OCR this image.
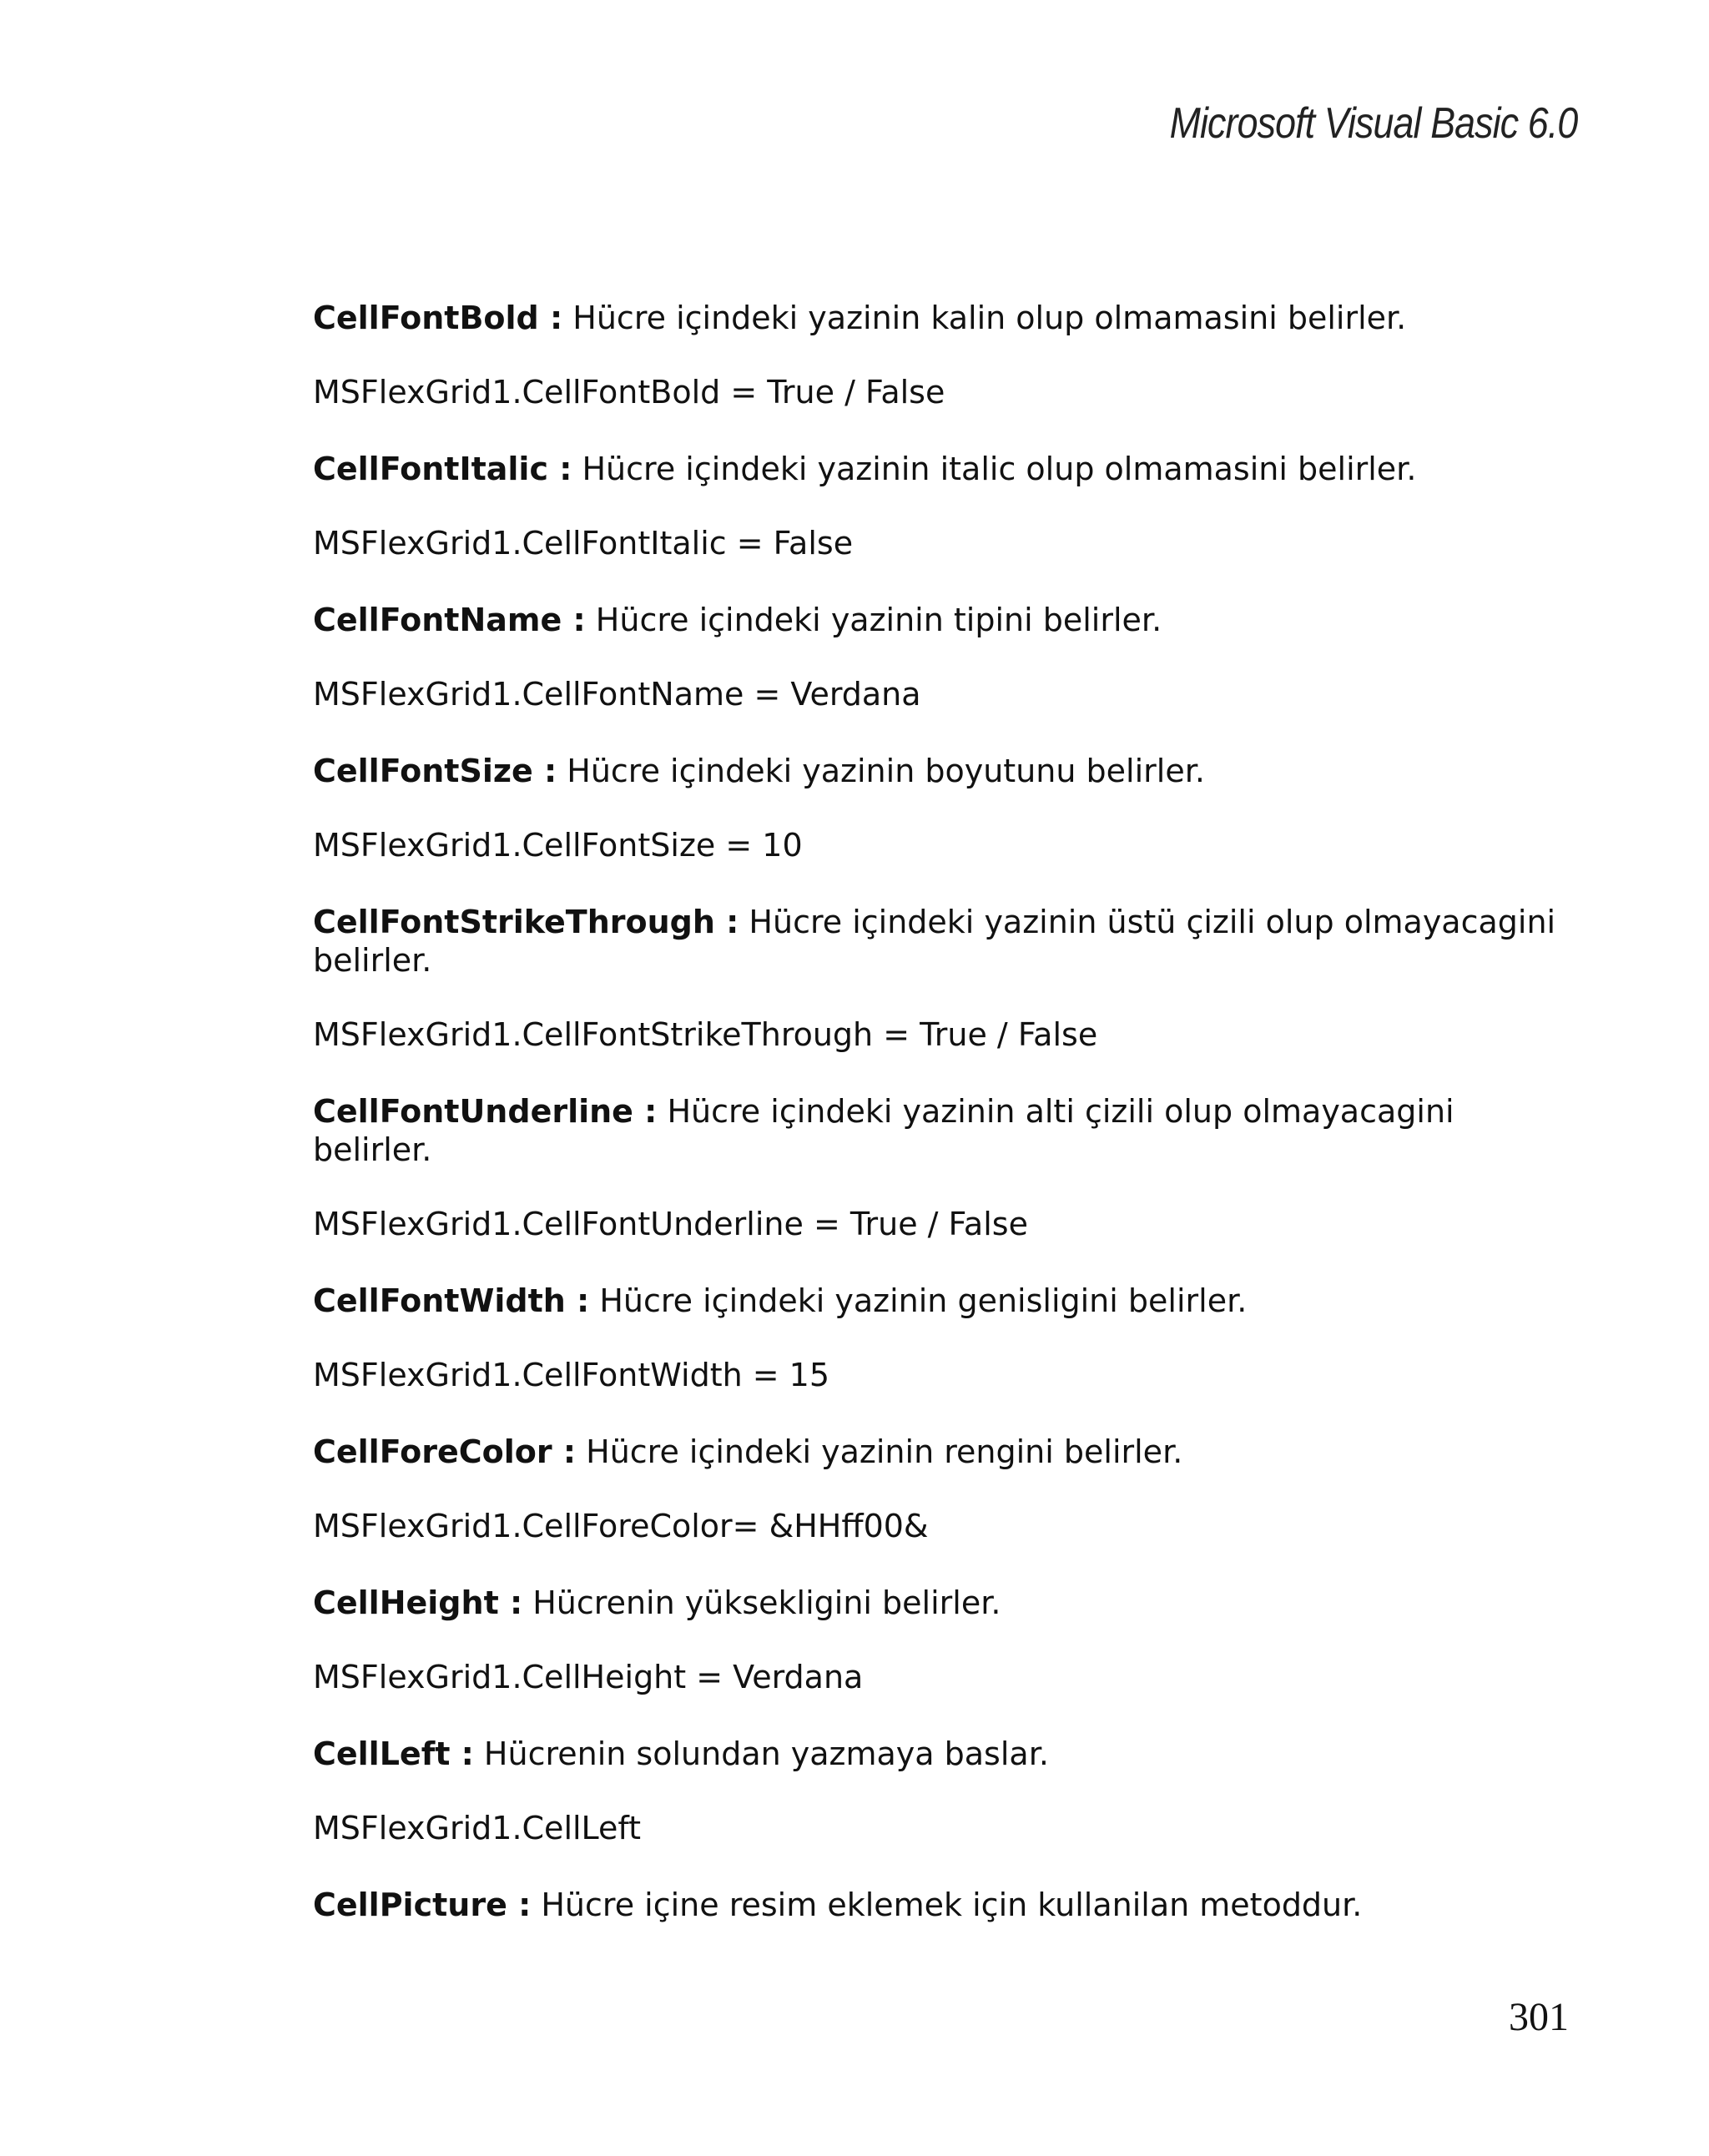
Microsoft Visual Basic 6.0

CellFontBold : Hücre içindeki yazinin kalin olup olmamasini belirler.

MSFlexGrid1.CellFontBold = True / False

CellFontItalic : Hücre içindeki yazinin italic olup olmamasini belirler.

MSFlexGrid1.CellFontItalic = False

CellFontName : Hücre içindeki yazinin tipini belirler.

MSFlexGrid1.CellFontName = Verdana

CellFontSize : Hücre içindeki yazinin boyutunu belirler.

MSFlexGrid1.CellFontSize = 10

CellFontStrikeThrough : Hücre içindeki yazinin üstü çizili olup olmayacagini belirler.

MSFlexGrid1.CellFontStrikeThrough = True / False

CellFontUnderline : Hücre içindeki yazinin alti çizili olup olmayacagini belirler.

MSFlexGrid1.CellFontUnderline = True / False

CellFontWidth : Hücre içindeki yazinin genisligini belirler.

MSFlexGrid1.CellFontWidth = 15

CellForeColor : Hücre içindeki yazinin rengini belirler.

MSFlexGrid1.CellForeColor= &HHff00&

CellHeight : Hücrenin yüksekligini belirler.

MSFlexGrid1.CellHeight = Verdana

CellLeft : Hücrenin solundan yazmaya baslar.

MSFlexGrid1.CellLeft

CellPicture : Hücre içine resim eklemek için kullanilan metoddur.

301
